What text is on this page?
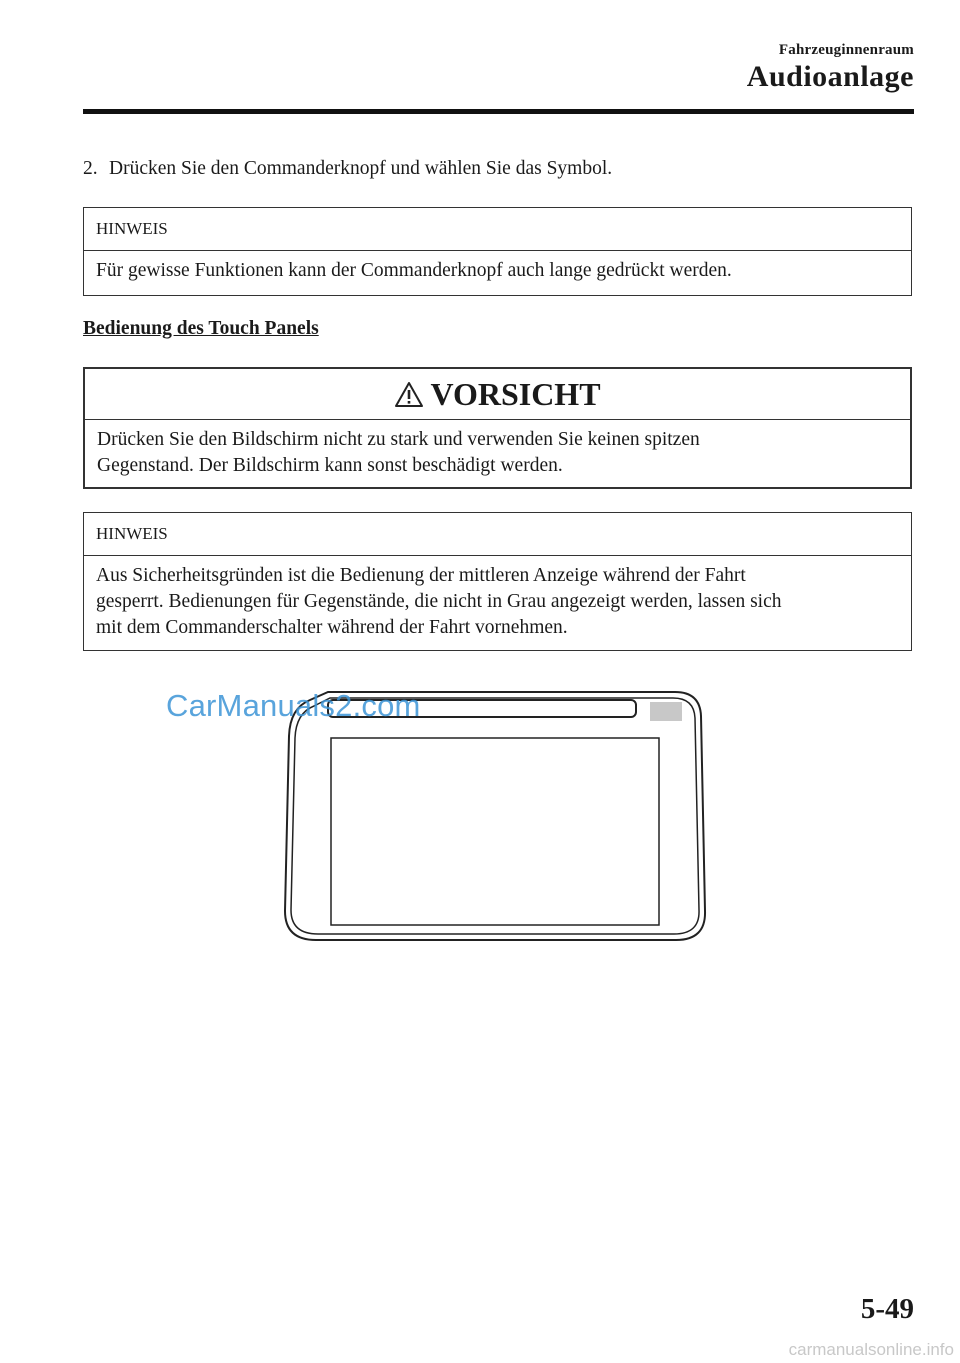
Fahrzeuginnenraum
Audioanlage
2. Drücken Sie den Commanderknopf und wählen Sie das Symbol.
HINWEIS
Für gewisse Funktionen kann der Commanderknopf auch lange gedrückt werden.
Bedienung des Touch Panels
VORSICHT
Drücken Sie den Bildschirm nicht zu stark und verwenden Sie keinen spitzen
Gegenstand. Der Bildschirm kann sonst beschädigt werden.
HINWEIS
Aus Sicherheitsgründen ist die Bedienung der mittleren Anzeige während der Fahrt
gesperrt. Bedienungen für Gegenstände, die nicht in Grau angezeigt werden, lassen sich
mit dem Commanderschalter während der Fahrt vornehmen.
CarManuals2.com
5-49
carmanualsonline.info
